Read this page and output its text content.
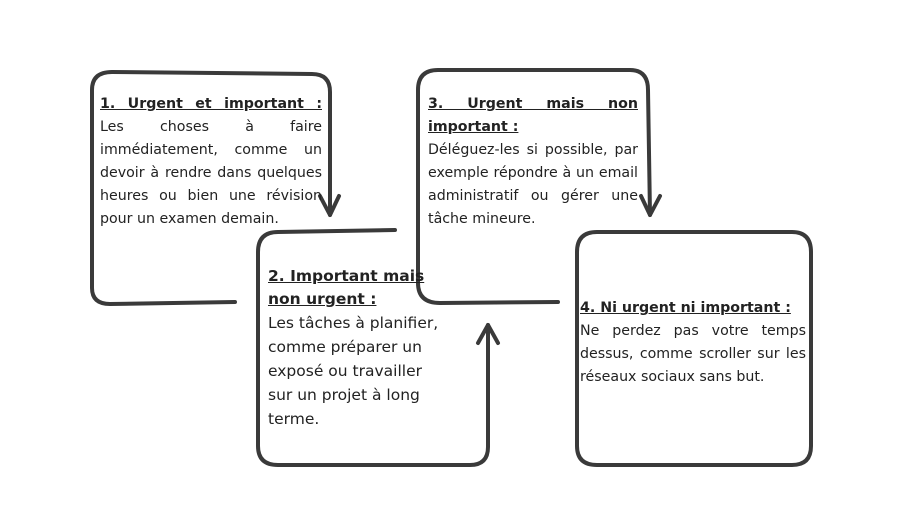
1. Urgent et important :
Les choses à faire immédiatement, comme un devoir à rendre dans quelques heures ou bien une révision pour un examen demain.
2. Important mais non urgent :
Les tâches à planifier, comme préparer un exposé ou travailler sur un projet à long terme.
3. Urgent mais non important :
Déléguez-les si possible, par exemple répondre à un email administratif ou gérer une tâche mineure.
4. Ni urgent ni important :
Ne perdez pas votre temps dessus, comme scroller sur les réseaux sociaux sans but.
